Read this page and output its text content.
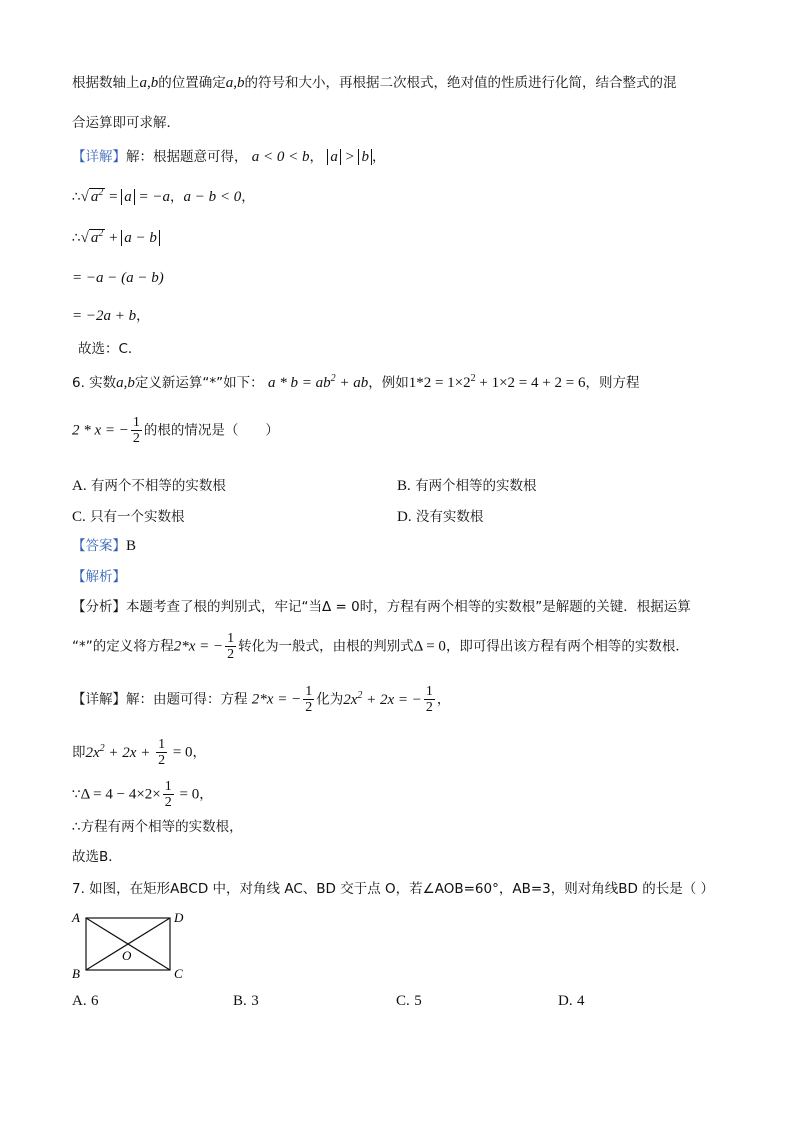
根据数轴上a,b的位置确定a,b的符号和大小，再根据二次根式，绝对值的性质进行化简，结合整式的混
合运算即可求解．
【详解】解：根据题意可得， a < 0 < b， a > b ，
∴√ $a^2 = a = -a$，a − b < 0，
∴√ $a^2 + a - b$
= −a − (a − b)
= −2a + b，
故选：C．
6. 实数a,b定义新运算“*”如下： $a * b = ab^2$ + ab，例如$1*2 = 1\times 2^2 + 1\times 2 = 4 + 2 = 6$，则方程
2 * x = − $\frac{1}{2}$ 的根的情况是（　　）
A. 有两个不相等的实数根	B. 有两个相等的实数根
C. 只有一个实数根	D. 没有实数根
【答案】B
【解析】
【分析】本题考查了根的判别式，牢记“当Δ = 0时，方程有两个相等的实数根”是解题的关键．根据运算
“*”的定义将方程2*x = − $\frac{1}{2}$ 转化为一般式，由根的判别式Δ = 0，即可得出该方程有两个相等的实数根．
【详解】解：由题可得：方程 2*x = − $\frac{1}{2}$ 化为$2x^2 + 2x$ = − $\frac{1}{2}$ ，
即$2x^2 + 2x + \frac{1}{2} = 0$，
∵Δ = $4 - 4\times 2\times \frac{1}{2} = 0$，
∴方程有两个相等的实数根，
故选B．
7. 如图，在矩形ABCD 中，对角线 AC、BD 交于点 O，若∠AOB=60°，AB=3，则对角线BD 的长是（ ）
A	D
B	C
O
A. 6	B. 3	C. 5	D. 4
